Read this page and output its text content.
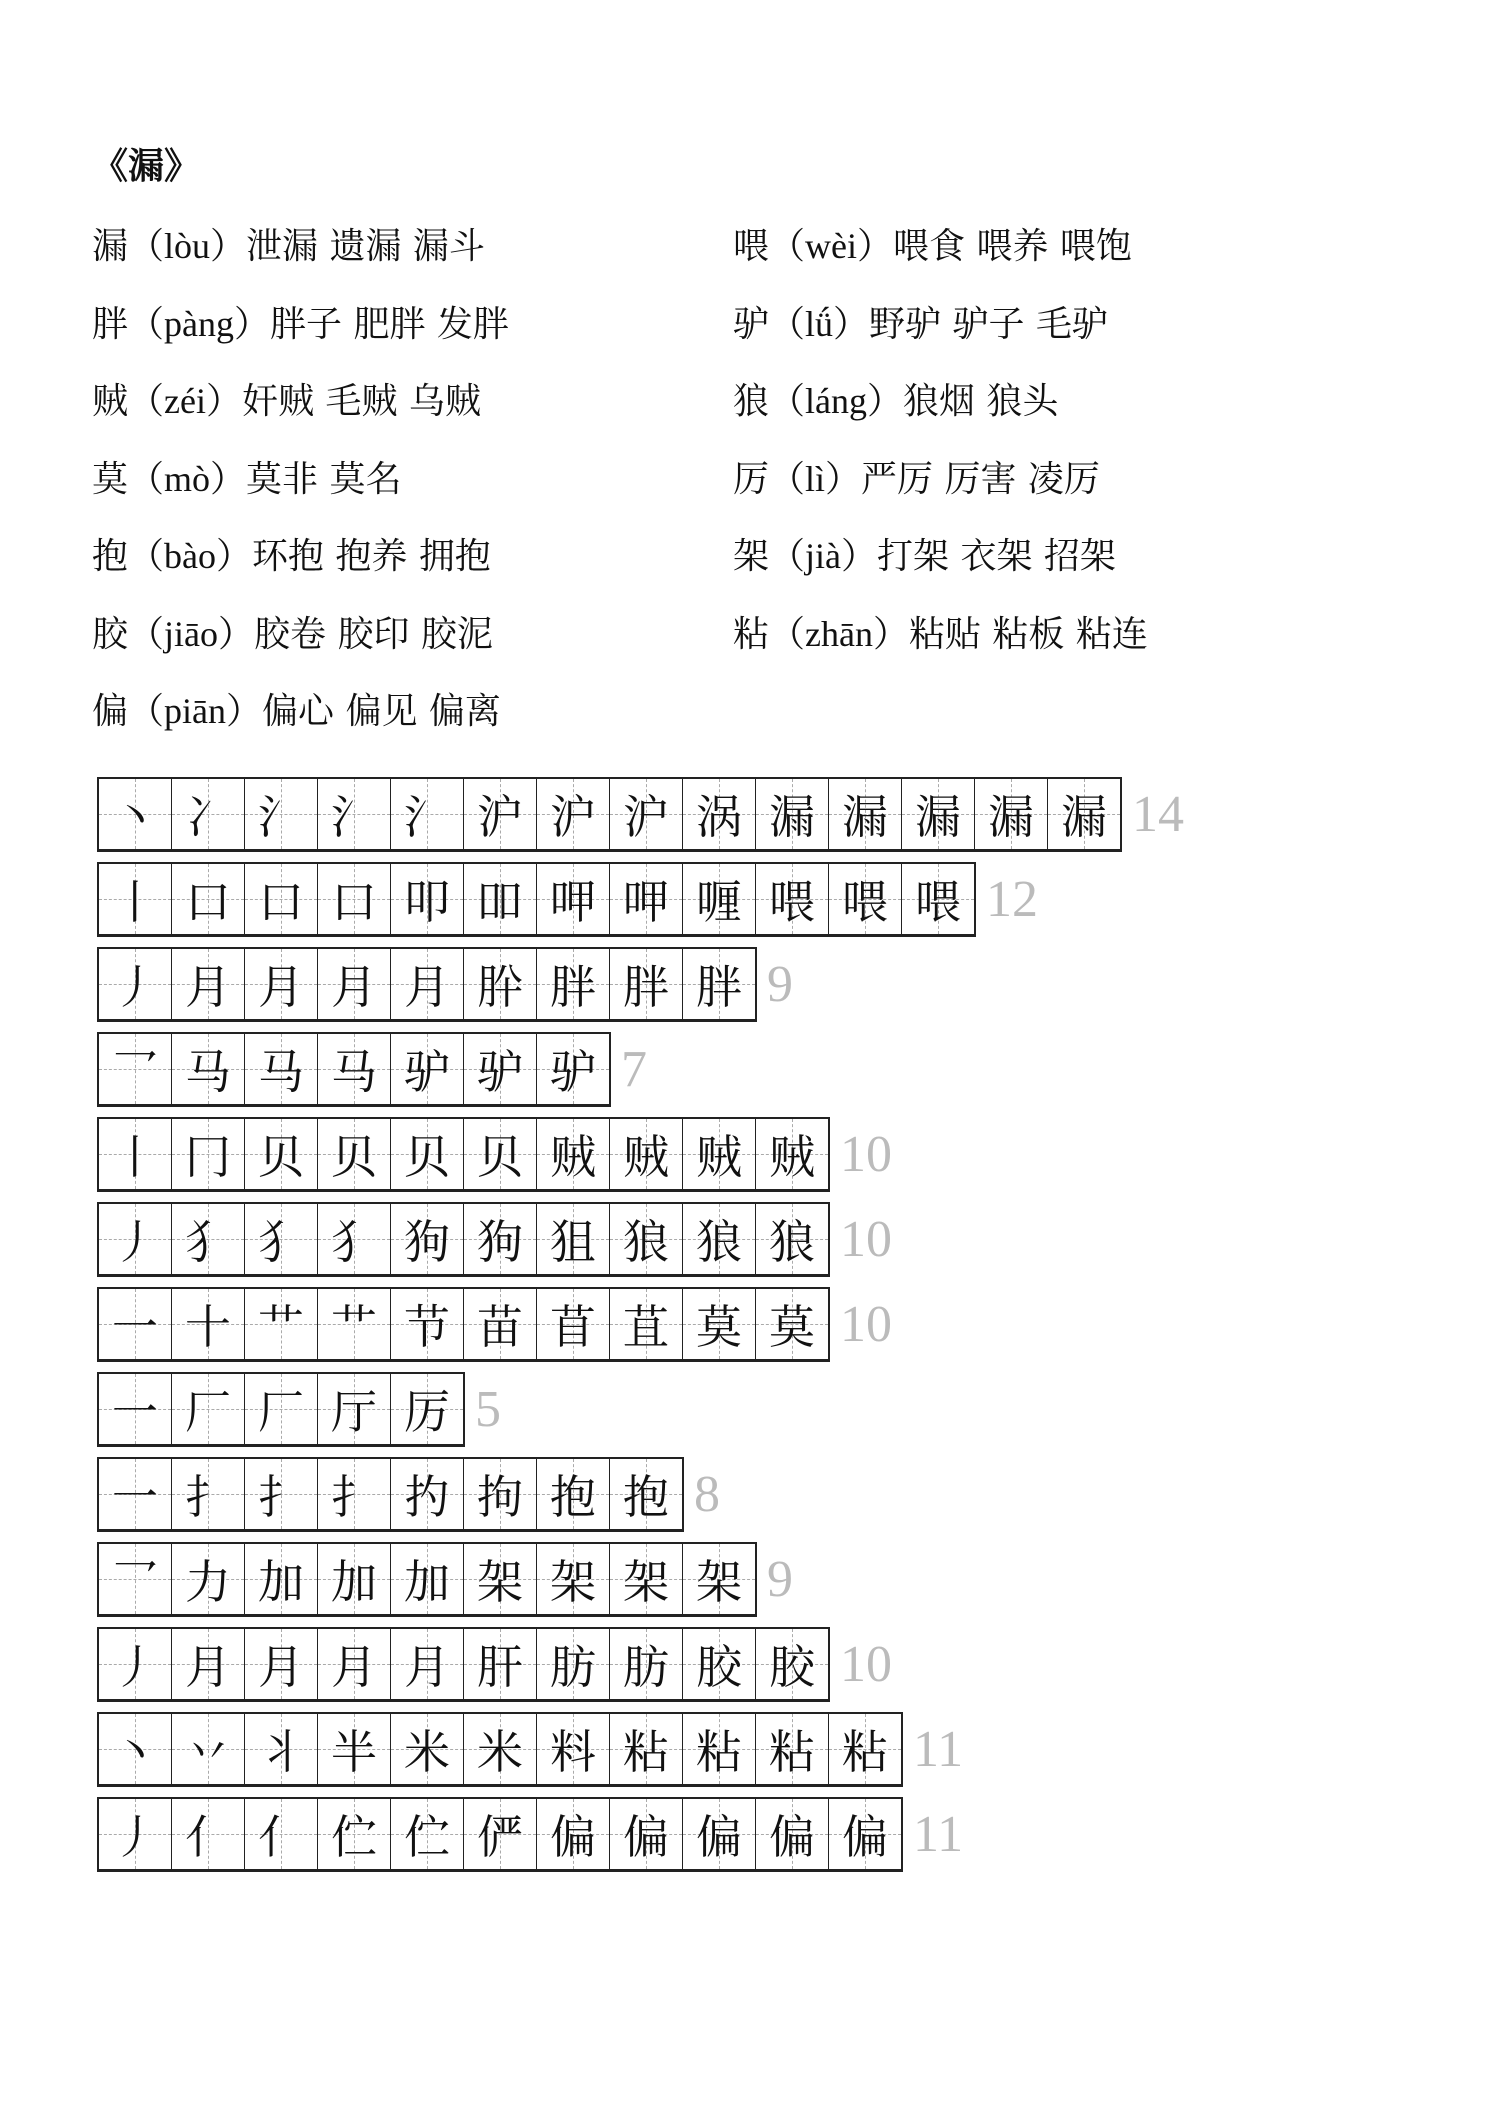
《漏》
漏（lòu）泄漏 遗漏 漏斗
胖（pàng）胖子 肥胖 发胖
贼（zéi）奸贼 毛贼 乌贼
莫（mò）莫非 莫名
抱（bào）环抱 抱养 拥抱
胶（jiāo）胶卷 胶印 胶泥
偏（piān）偏心 偏见 偏离
喂（wèi）喂食 喂养 喂饱
驴（lǘ）野驴 驴子 毛驴
狼（láng）狼烟 狼头
厉（lì）严厉 厉害 凌厉
架（jià）打架 衣架 招架
粘（zhān）粘贴 粘板 粘连
丶 冫 氵 氵 氵 沪 沪 沪 涡 漏 漏 漏 漏 漏 14
丨 口 口 口 叩 吅 呷 呷 喱 喂 喂 喂 12
丿 月 月 月 月 肸 胖 胖 胖 9
乛 马 马 马 驴 驴 驴 7
丨 冂 贝 贝 贝 贝 贼 贼 贼 贼 10
丿 犭 犭 犭 狗 狗 狙 狼 狼 狼 10
一 十 艹 艹 节 苗 苜 苴 莫 莫 10
一 厂 厂 厅 厉 5
一 扌 扌 扌 扚 拘 抱 抱 8
乛 力 加 加 加 架 架 架 架 9
丿 月 月 月 月 肝 肪 肪 胶 胶 10
丶 丷 丬 半 米 米 料 粘 粘 粘 粘 11
丿 亻 亻 伫 伫 俨 偏 偏 偏 偏 偏 11
